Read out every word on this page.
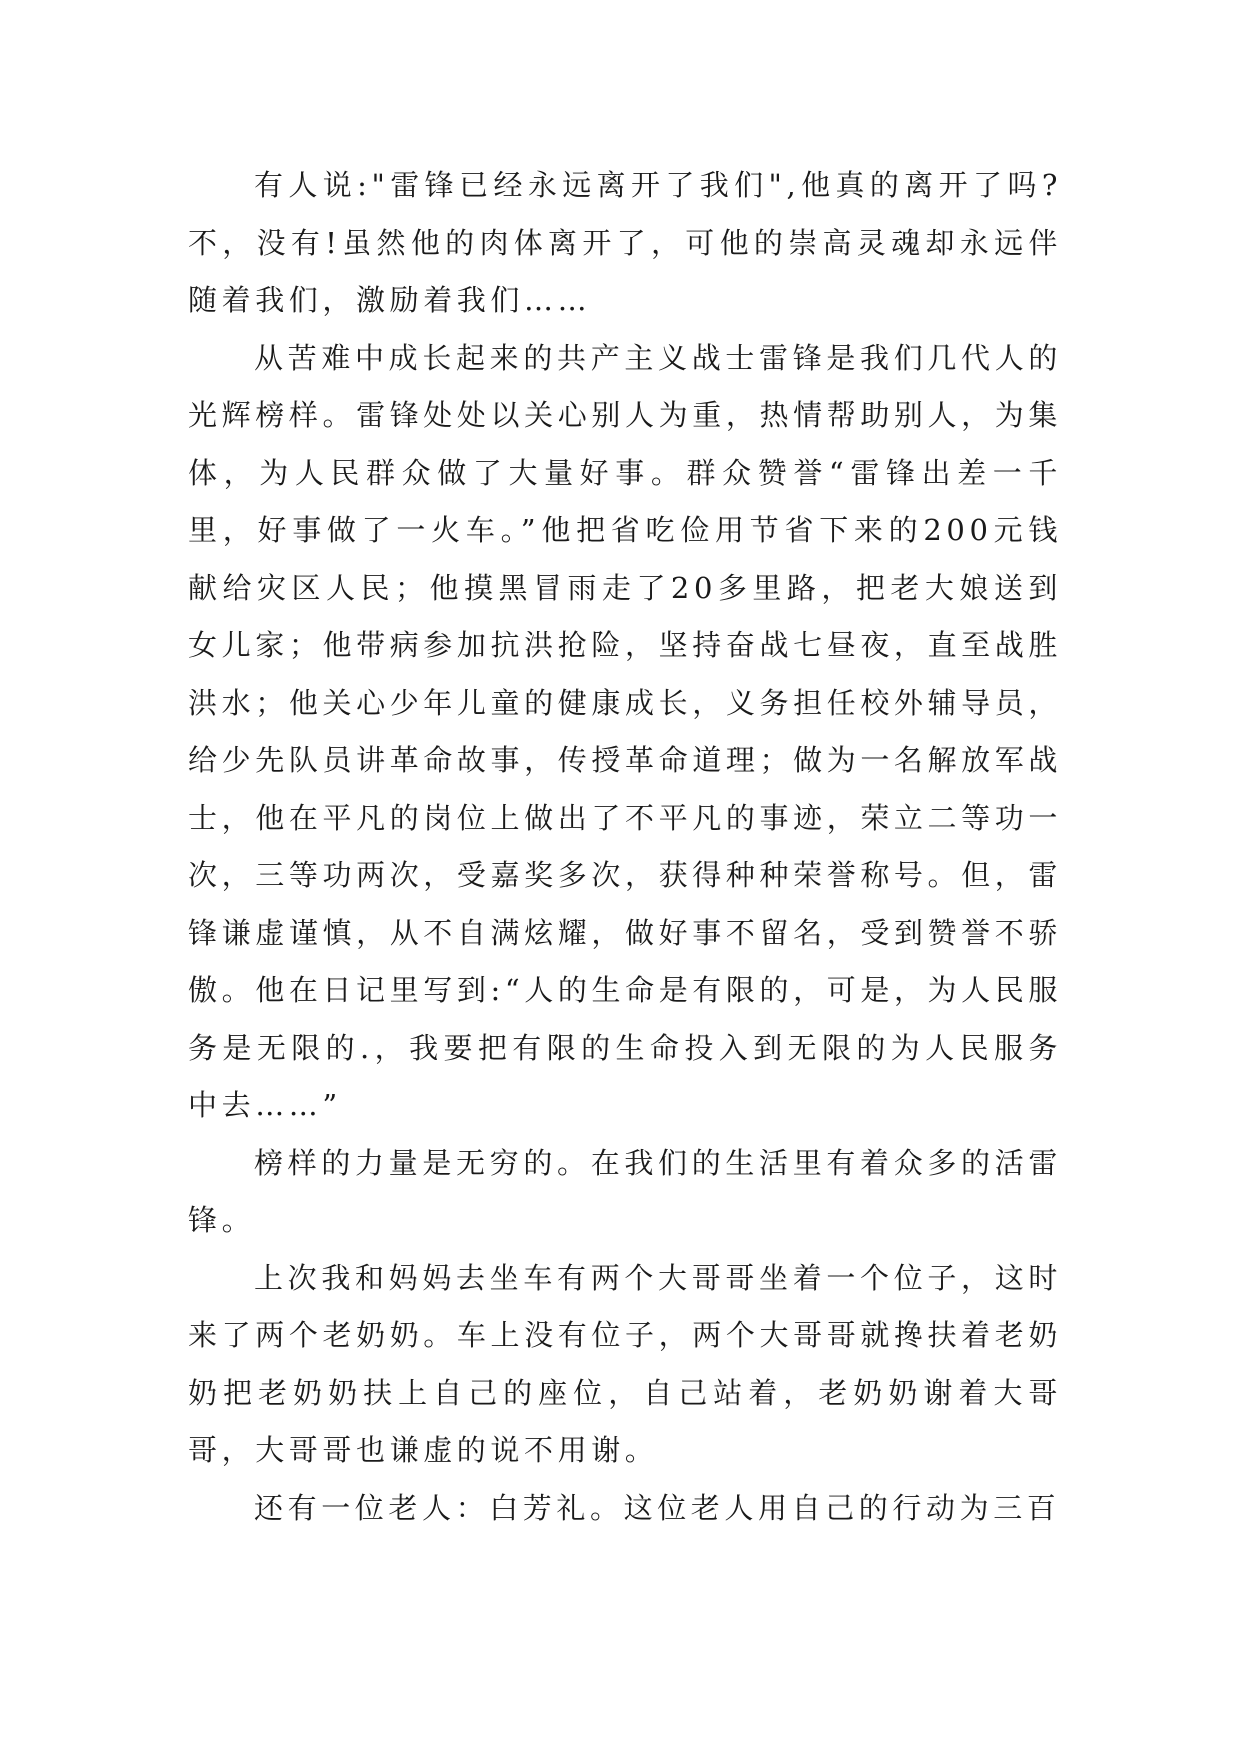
有人说:"雷锋已经永远离开了我们",他真的离开了吗?不，没有!虽然他的肉体离开了，可他的崇高灵魂却永远伴随着我们，激励着我们……

从苦难中成长起来的共产主义战士雷锋是我们几代人的光辉榜样。雷锋处处以关心别人为重，热情帮助别人，为集体，为人民群众做了大量好事。群众赞誉“雷锋出差一千里，好事做了一火车。”他把省吃俭用节省下来的200元钱献给灾区人民；他摸黑冒雨走了20多里路，把老大娘送到女儿家；他带病参加抗洪抢险，坚持奋战七昼夜，直至战胜洪水；他关心少年儿童的健康成长，义务担任校外辅导员，给少先队员讲革命故事，传授革命道理；做为一名解放军战士，他在平凡的岗位上做出了不平凡的事迹，荣立二等功一次，三等功两次，受嘉奖多次，获得种种荣誉称号。但，雷锋谦虚谨慎，从不自满炫耀，做好事不留名，受到赞誉不骄傲。他在日记里写到:“人的生命是有限的，可是，为人民服务是无限的.，我要把有限的生命投入到无限的为人民服务中去……”

榜样的力量是无穷的。在我们的生活里有着众多的活雷锋。

上次我和妈妈去坐车有两个大哥哥坐着一个位子，这时来了两个老奶奶。车上没有位子，两个大哥哥就搀扶着老奶奶把老奶奶扶上自己的座位，自己站着，老奶奶谢着大哥哥，大哥哥也谦虚的说不用谢。

还有一位老人：白芳礼。这位老人用自己的行动为三百
